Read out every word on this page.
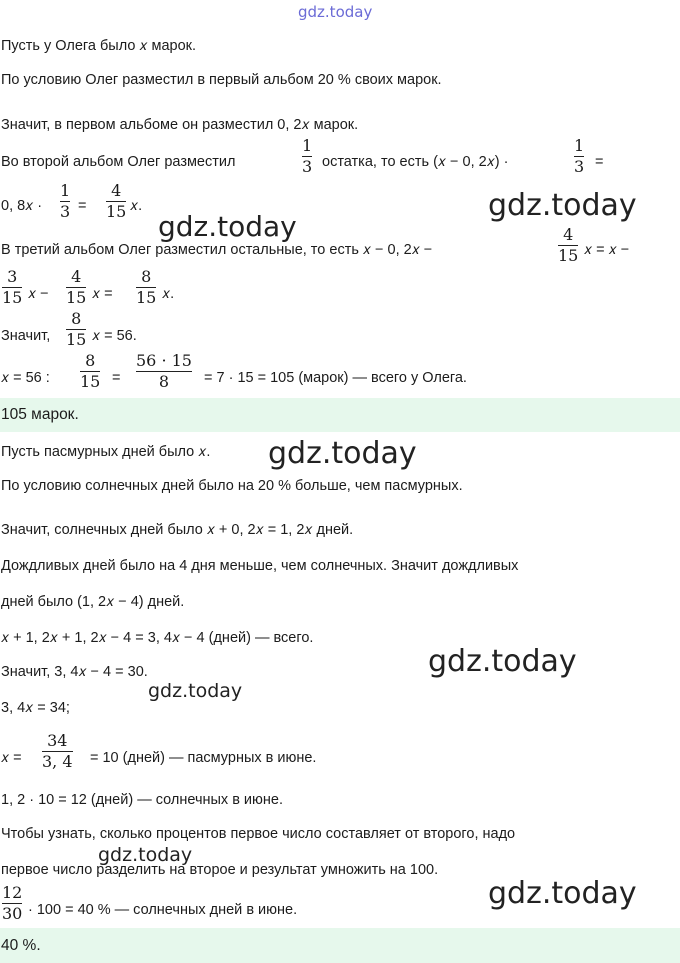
gdz.today
Пусть у Олега было 𝑥 марок.
По условию Олег разместил в первый альбом 20 % своих марок.
Значит, в первом альбоме он разместил 0, 2𝑥 марок.
Во второй альбом Олег разместил
1
3 остатка, то есть (𝑥 − 0, 2𝑥) ·
1
3 =
0, 8𝑥 ·
1
3 =
4
15 𝑥.
gdz.today
gdz.today
В третий альбом Олег разместил остальные, то есть 𝑥 − 0, 2𝑥 −
4
15 𝑥 = 𝑥 −
3
15 𝑥 −
4
15 𝑥 =
8
15 𝑥.
Значит,
8
15 𝑥 = 56.
𝑥 = 56 :
8
15 =
56 · 15
8	= 7 · 15 = 105 (марок) — всего у Олега.
105 марок.
Пусть пасмурных дней было 𝑥. gdz.today
По условию солнечных дней было на 20 % больше, чем пасмурных.
Значит, солнечных дней было 𝑥 + 0, 2𝑥 = 1, 2𝑥 дней.
Дождливых дней было на 4 дня меньше, чем солнечных. Значит дождливых
дней было (1, 2𝑥 − 4) дней.
𝑥 + 1, 2𝑥 + 1, 2𝑥 − 4 = 3, 4𝑥 − 4 (дней) — всего.
Значит, 3, 4𝑥 − 4 = 30.	gdz.today
gdz.today
3, 4𝑥 = 34;
𝑥 =
34
3, 4 = 10 (дней) — пасмурных в июне.
1, 2 · 10 = 12 (дней) — солнечных в июне.
Чтобы узнать, сколько процентов первое число составляет от второго, надо
gdz.today
первое число разделить на второе и результат умножить на 100.
gdz.today
12
30 · 100 = 40 % — солнечных дней в июне.
40 %.
